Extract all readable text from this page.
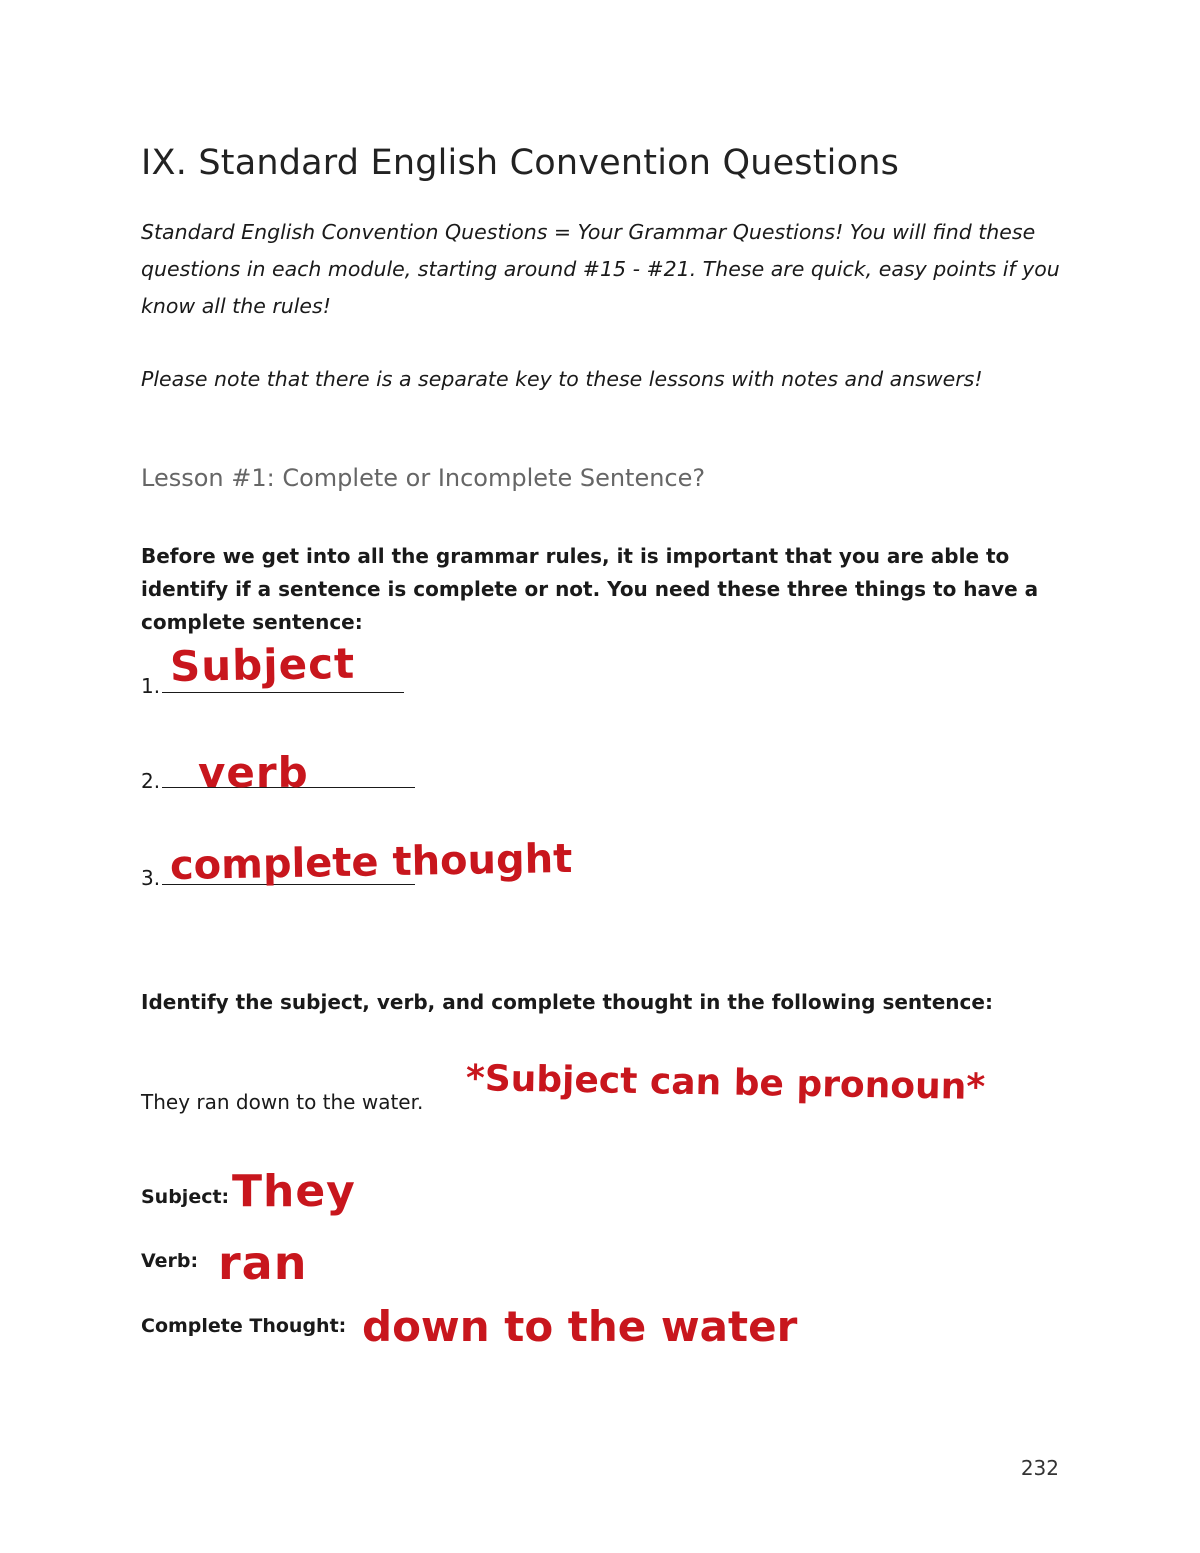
IX. Standard English Convention Questions

Standard English Convention Questions = Your Grammar Questions! You will find these questions in each module, starting around #15 - #21. These are quick, easy points if you know all the rules!

Please note that there is a separate key to these lessons with notes and answers!
Lesson #1: Complete or Incomplete Sentence?
Before we get into all the grammar rules, it is important that you are able to identify if a sentence is complete or not. You need these three things to have a complete sentence:
1. Subject
2. verb
3. complete thought
Identify the subject, verb, and complete thought in the following sentence:
They ran down to the water. *Subject can be pronoun*
Subject: They
Verb: ran
Complete Thought: down to the water
232
